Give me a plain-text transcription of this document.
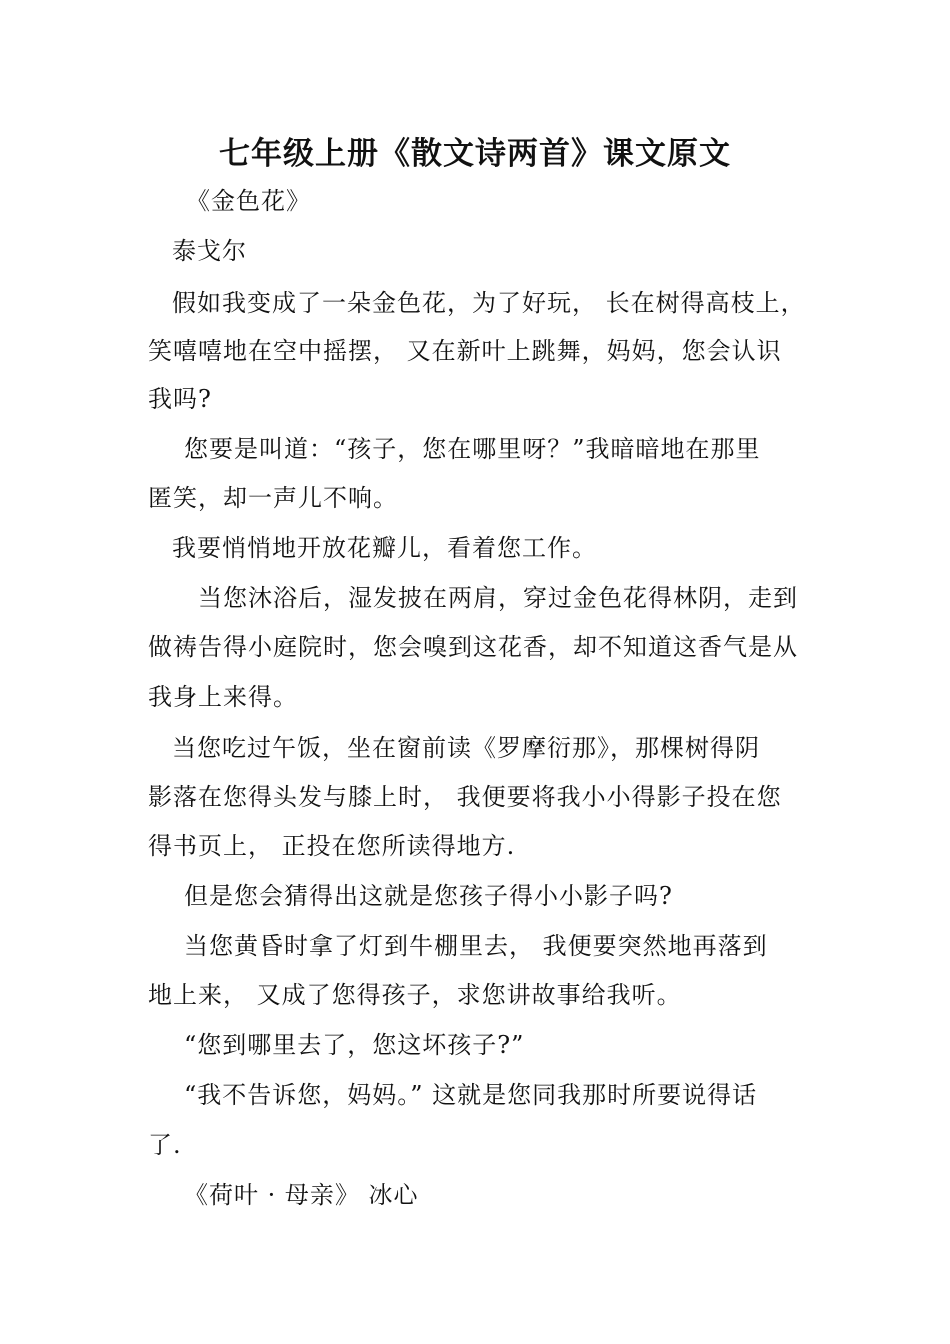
七年级上册《散文诗两首》课文原文
《金色花》
泰戈尔
假如我变成了一朵金色花，为了好玩， 长在树得高枝上，
笑嘻嘻地在空中摇摆， 又在新叶上跳舞，妈妈，您会认识
我吗?
您要是叫道：“孩子，您在哪里呀？”我暗暗地在那里
匿笑，却一声儿不响。
我要悄悄地开放花瓣儿，看着您工作。
当您沐浴后，湿发披在两肩，穿过金色花得林阴，走到
做祷告得小庭院时，您会嗅到这花香，却不知道这香气是从
我身上来得。
当您吃过午饭，坐在窗前读《罗摩衍那》，那棵树得阴
影落在您得头发与膝上时， 我便要将我小小得影子投在您
得书页上， 正投在您所读得地方.
但是您会猜得出这就是您孩子得小小影子吗?
当您黄昏时拿了灯到牛棚里去， 我便要突然地再落到
地上来， 又成了您得孩子，求您讲故事给我听。
“您到哪里去了，您这坏孩子?”
“我不告诉您，妈妈。” 这就是您同我那时所要说得话
了.
《荷叶 · 母亲》 冰心
